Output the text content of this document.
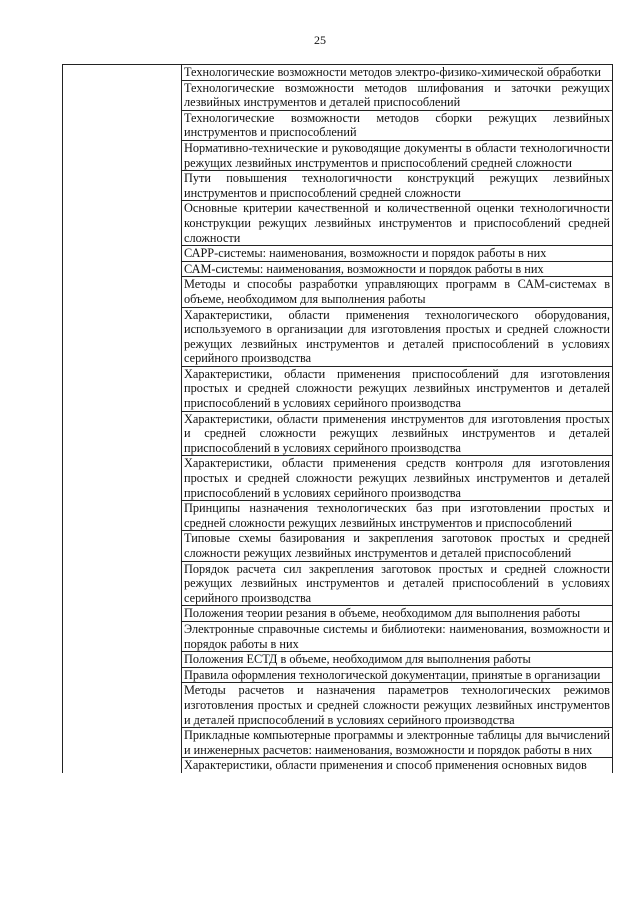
25
	Технологические возможности методов электро-физико-химической обработки
Технологические возможности методов шлифования и заточки режущих лезвийных инструментов и деталей приспособлений
Технологические возможности методов сборки режущих лезвийных инструментов и приспособлений
Нормативно-технические и руководящие документы в области технологичности режущих лезвийных инструментов и приспособлений средней сложности
Пути повышения технологичности конструкций режущих лезвийных инструментов и приспособлений средней сложности
Основные критерии качественной и количественной оценки технологичности конструкции режущих лезвийных инструментов и приспособлений средней сложности
САРР-системы: наименования, возможности и порядок работы в них
САМ-системы: наименования, возможности и порядок работы в них
Методы и способы разработки управляющих программ в САМ-системах в объеме, необходимом для выполнения работы
Характеристики, области применения технологического оборудования, используемого в организации для изготовления простых и средней сложности режущих лезвийных инструментов и деталей приспособлений в условиях серийного производства
Характеристики, области применения приспособлений для изготовления простых и средней сложности режущих лезвийных инструментов и деталей приспособлений в условиях серийного производства
Характеристики, области применения инструментов для изготовления простых и средней сложности режущих лезвийных инструментов и деталей приспособлений в условиях серийного производства
Характеристики, области применения средств контроля для изготовления простых и средней сложности режущих лезвийных инструментов и деталей приспособлений в условиях серийного производства
Принципы назначения технологических баз при изготовлении простых и средней сложности режущих лезвийных инструментов и приспособлений
Типовые схемы базирования и закрепления заготовок простых и средней сложности режущих лезвийных инструментов и деталей приспособлений
Порядок расчета сил закрепления заготовок простых и средней сложности режущих лезвийных инструментов и деталей приспособлений в условиях серийного производства
Положения теории резания в объеме, необходимом для выполнения работы
Электронные справочные системы и библиотеки: наименования, возможности и порядок работы в них
Положения ЕСТД в объеме, необходимом для выполнения работы
Правила оформления технологической документации, принятые в организации
Методы расчетов и назначения параметров технологических режимов изготовления простых и средней сложности режущих лезвийных инструментов и деталей приспособлений в условиях серийного производства
Прикладные компьютерные программы и электронные таблицы для вычислений и инженерных расчетов: наименования, возможности и порядок работы в них
Характеристики, области применения и способ применения основных видов
